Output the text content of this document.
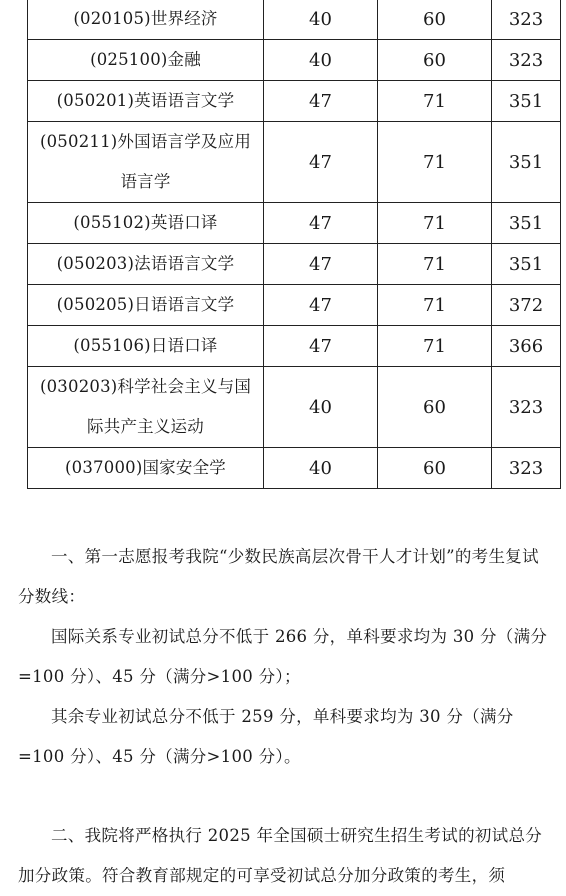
(020105)世界经济	40	60	323
(025100)金融	40	60	323
(050201)英语语言文学	47	71	351
(050211)外国语言学及应用语言学	47	71	351
(055102)英语口译	47	71	351
(050203)法语语言文学	47	71	351
(050205)日语语言文学	47	71	372
(055106)日语口译	47	71	366
(030203)科学社会主义与国际共产主义运动	40	60	323
(037000)国家安全学	40	60	323

一、第一志愿报考我院“少数民族高层次骨干人才计划”的考生复试分数线：

国际关系专业初试总分不低于 266 分，单科要求均为 30 分（满分=100 分）、45 分（满分>100 分）；

其余专业初试总分不低于 259 分，单科要求均为 30 分（满分=100 分）、45 分（满分>100 分）。

二、我院将严格执行 2025 年全国硕士研究生招生考试的初试总分加分政策。符合教育部规定的可享受初试总分加分政策的考生，须
